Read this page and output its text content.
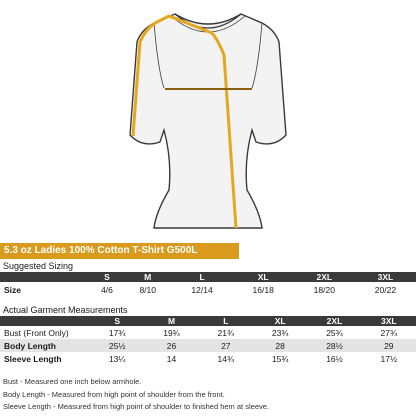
5.3 oz Ladies 100% Cotton T-Shirt G500L
Suggested Sizing
	S	M	L	XL	2XL	3XL
Size	4/6	8/10	12/14	16/18	18/20	20/22
Actual Garment Measurements
	S	M	L	XL	2XL	3XL
Bust (Front Only)	17¾	19¾	21¾	23¾	25¾	27¾
Body Length	25½	26	27	28	28½	29
Sleeve Length	13¼	14	14¾	15¾	16½	17½
Bust - Measured one inch below armhole.
Body Length - Measured from high point of shoulder from the front.
Sleeve Length - Measured from high point of shoulder to finished hem at sleeve.
